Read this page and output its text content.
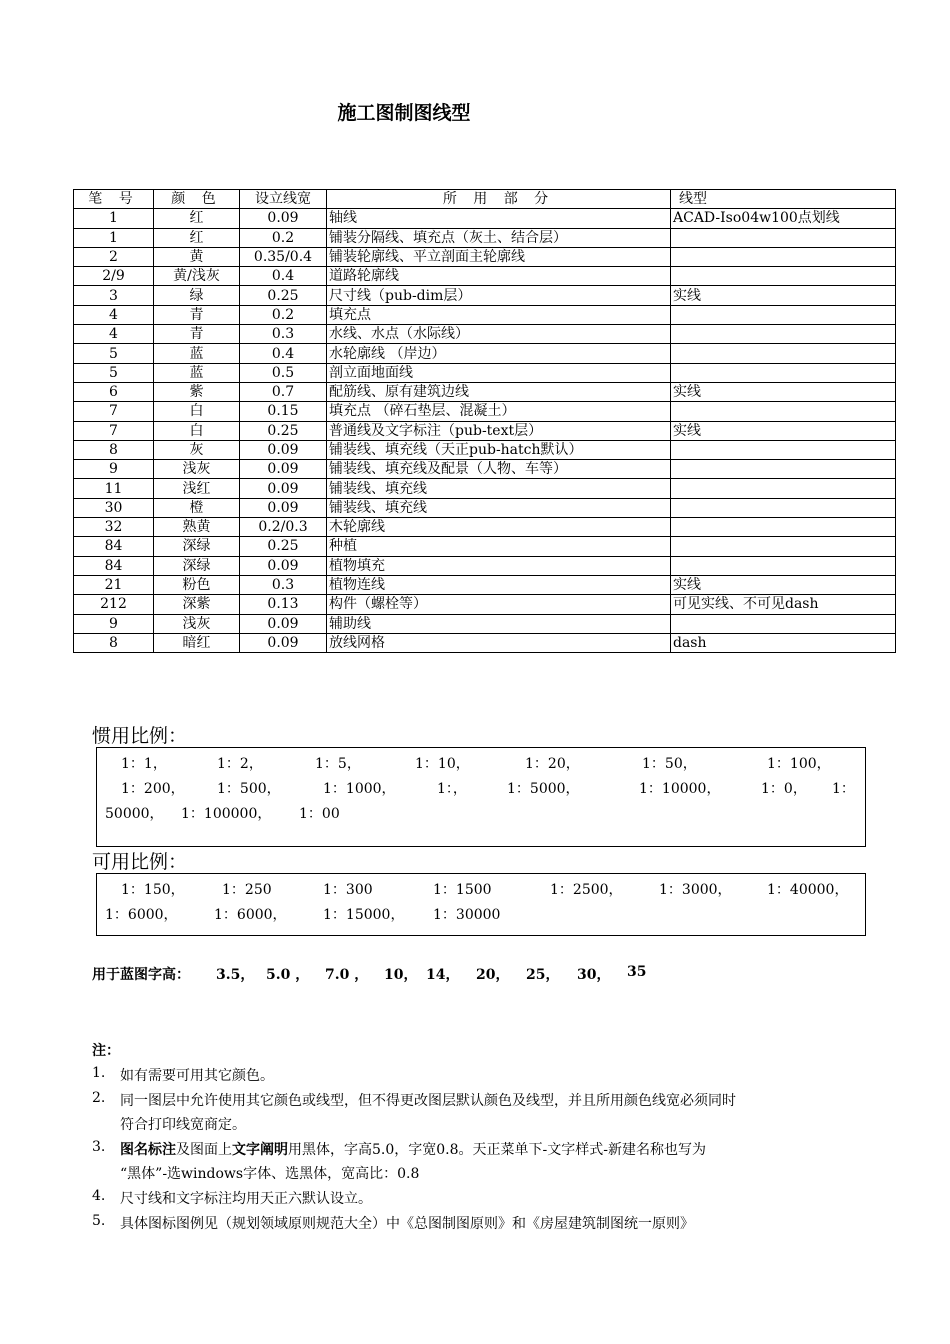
施工图制图线型
笔 号	颜 色	设立线宽	所 用 部 分	线型
1	红	0.09	轴线	ACAD-Iso04w100点划线
1	红	0.2	铺装分隔线、填充点（灰土、结合层）	
2	黄	0.35/0.4	铺装轮廓线、平立剖面主轮廓线	
2/9	黄/浅灰	0.4	道路轮廓线	
3	绿	0.25	尺寸线（pub-dim层）	实线
4	青	0.2	填充点	
4	青	0.3	水线、水点（水际线）	
5	蓝	0.4	水轮廓线 （岸边）	
5	蓝	0.5	剖立面地面线	
6	紫	0.7	配筋线、原有建筑边线	实线
7	白	0.15	填充点 （碎石垫层、混凝土）	
7	白	0.25	普通线及文字标注（pub-text层）	实线
8	灰	0.09	铺装线、填充线（天正pub-hatch默认）	
9	浅灰	0.09	铺装线、填充线及配景（人物、车等）	
11	浅红	0.09	铺装线、填充线	
30	橙	0.09	铺装线、填充线	
32	熟黄	0.2/0.3	木轮廓线	
84	深绿	0.25	种植	
84	深绿	0.09	植物填充	
21	粉色	0.3	植物连线	实线
212	深紫	0.13	构件（螺栓等）	可见实线、不可见dash
9	浅灰	0.09	辅助线	
8	暗红	0.09	放线网格	dash
惯用比例：
1：1，	1：2，	1：5，	1：10，	1：20，	1：50，	1：100，
1：200， 1：500，	1：1000，	1：，	1：5000，	1：10000，	1：0， 1：
50000， 1：100000， 1：00
可用比例：
1：150，	1：250	1：300	1：1500	1：2500，	1：3000，	1：40000，
1：6000，	1：6000，	1：15000， 1：30000
用于蓝图字高： 3.5， 5.0 ， 7.0 ， 10， 14， 20， 25， 30， 35
注：
1. 如有需要可用其它颜色。
2. 同一图层中允许使用其它颜色或线型，但不得更改图层默认颜色及线型，并且所用颜色线宽必须同时
符合打印线宽商定。
3. 图名标注及图面上文字阐明用黑体，字高5.0，字宽0.8。天正菜单下-文字样式-新建名称也写为
“黑体”-选windows字体、选黑体，宽高比：0.8
4. 尺寸线和文字标注均用天正六默认设立。
5. 具体图标图例见（规划领域原则规范大全）中《总图制图原则》和《房屋建筑制图统一原则》
